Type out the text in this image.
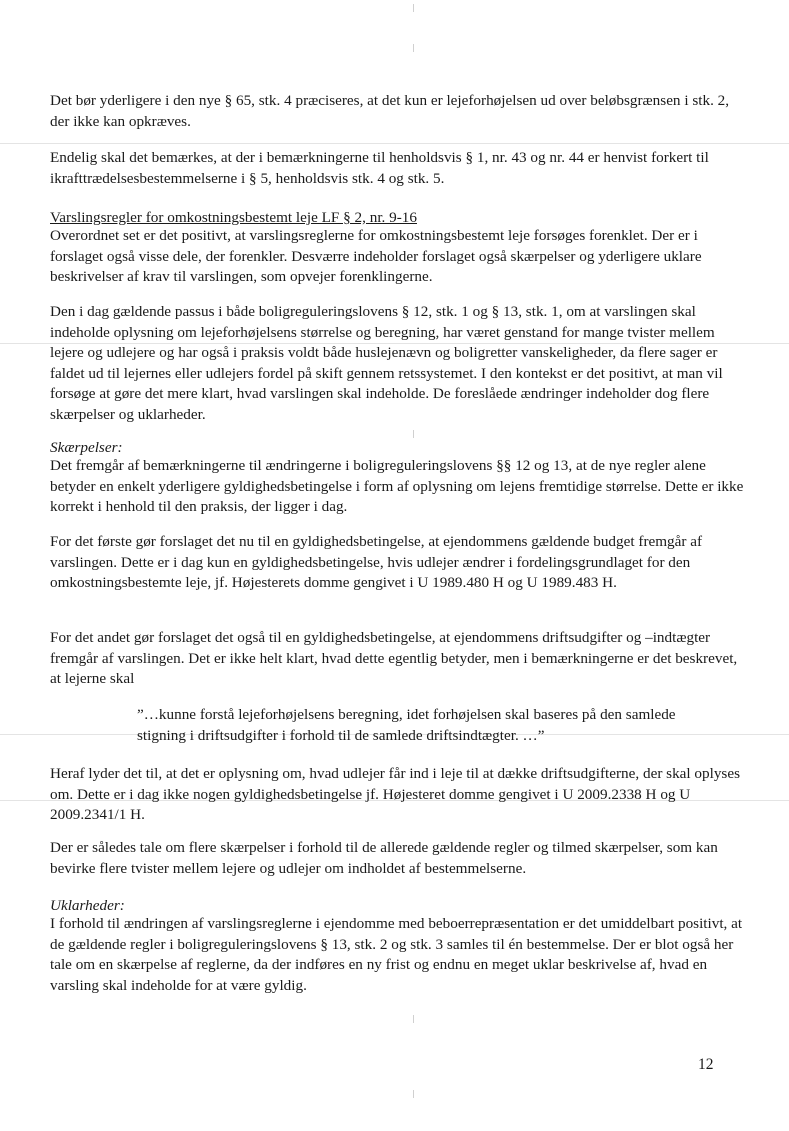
Det bør yderligere i den nye § 65, stk. 4 præciseres, at det kun er lejeforhøjelsen ud over beløbsgrænsen i stk. 2, der ikke kan opkræves.

Endelig skal det bemærkes, at der i bemærkningerne til henholdsvis § 1, nr. 43 og nr. 44 er henvist forkert til ikrafttrædelsesbestemmelserne i § 5, henholdsvis stk. 4 og stk. 5.

Varslingsregler for omkostningsbestemt leje LF § 2, nr. 9-16

Overordnet set er det positivt, at varslingsreglerne for omkostningsbestemt leje forsøges forenklet. Der er i forslaget også visse dele, der forenkler. Desværre indeholder forslaget også skærpelser og yderligere uklare beskrivelser af krav til varslingen, som opvejer forenklingerne.

Den i dag gældende passus i både boligreguleringslovens § 12, stk. 1 og § 13, stk. 1, om at varslingen skal indeholde oplysning om lejeforhøjelsens størrelse og beregning, har været genstand for mange tvister mellem lejere og udlejere og har også i praksis voldt både huslejenævn og boligretter vanskeligheder, da flere sager er faldet ud til lejernes eller udlejers fordel på skift gennem retssystemet. I den kontekst er det positivt, at man vil forsøge at gøre det mere klart, hvad varslingen skal indeholde. De foreslåede ændringer indeholder dog flere skærpelser og uklarheder.

Skærpelser:

Det fremgår af bemærkningerne til ændringerne i boligreguleringslovens §§ 12 og 13, at de nye regler alene betyder en enkelt yderligere gyldighedsbetingelse i form af oplysning om lejens fremtidige størrelse. Dette er ikke korrekt i henhold til den praksis, der ligger i dag.

For det første gør forslaget det nu til en gyldighedsbetingelse, at ejendommens gældende budget fremgår af varslingen. Dette er i dag kun en gyldighedsbetingelse, hvis udlejer ændrer i fordelingsgrundlaget for den omkostningsbestemte leje, jf. Højesterets domme gengivet i U 1989.480 H og U 1989.483 H.

For det andet gør forslaget det også til en gyldighedsbetingelse, at ejendommens driftsudgifter og –indtægter fremgår af varslingen. Det er ikke helt klart, hvad dette egentlig betyder, men i bemærkningerne er det beskrevet, at lejerne skal

”…kunne forstå lejeforhøjelsens beregning, idet forhøjelsen skal baseres på den samlede stigning i driftsudgifter i forhold til de samlede driftsindtægter. …”

Heraf lyder det til, at det er oplysning om, hvad udlejer får ind i leje til at dække driftsudgifterne, der skal oplyses om. Dette er i dag ikke nogen gyldighedsbetingelse jf. Højesteret domme gengivet i U 2009.2338 H og U 2009.2341/1 H.

Der er således tale om flere skærpelser i forhold til de allerede gældende regler og tilmed skærpelser, som kan bevirke flere tvister mellem lejere og udlejer om indholdet af bestemmelserne.

Uklarheder:

I forhold til ændringen af varslingsreglerne i ejendomme med beboerrepræsentation er det umiddelbart positivt, at de gældende regler i boligreguleringslovens § 13, stk. 2 og stk. 3 samles til én bestemmelse. Der er blot også her tale om en skærpelse af reglerne, da der indføres en ny frist og endnu en meget uklar beskrivelse af, hvad en varsling skal indeholde for at være gyldig.

12
